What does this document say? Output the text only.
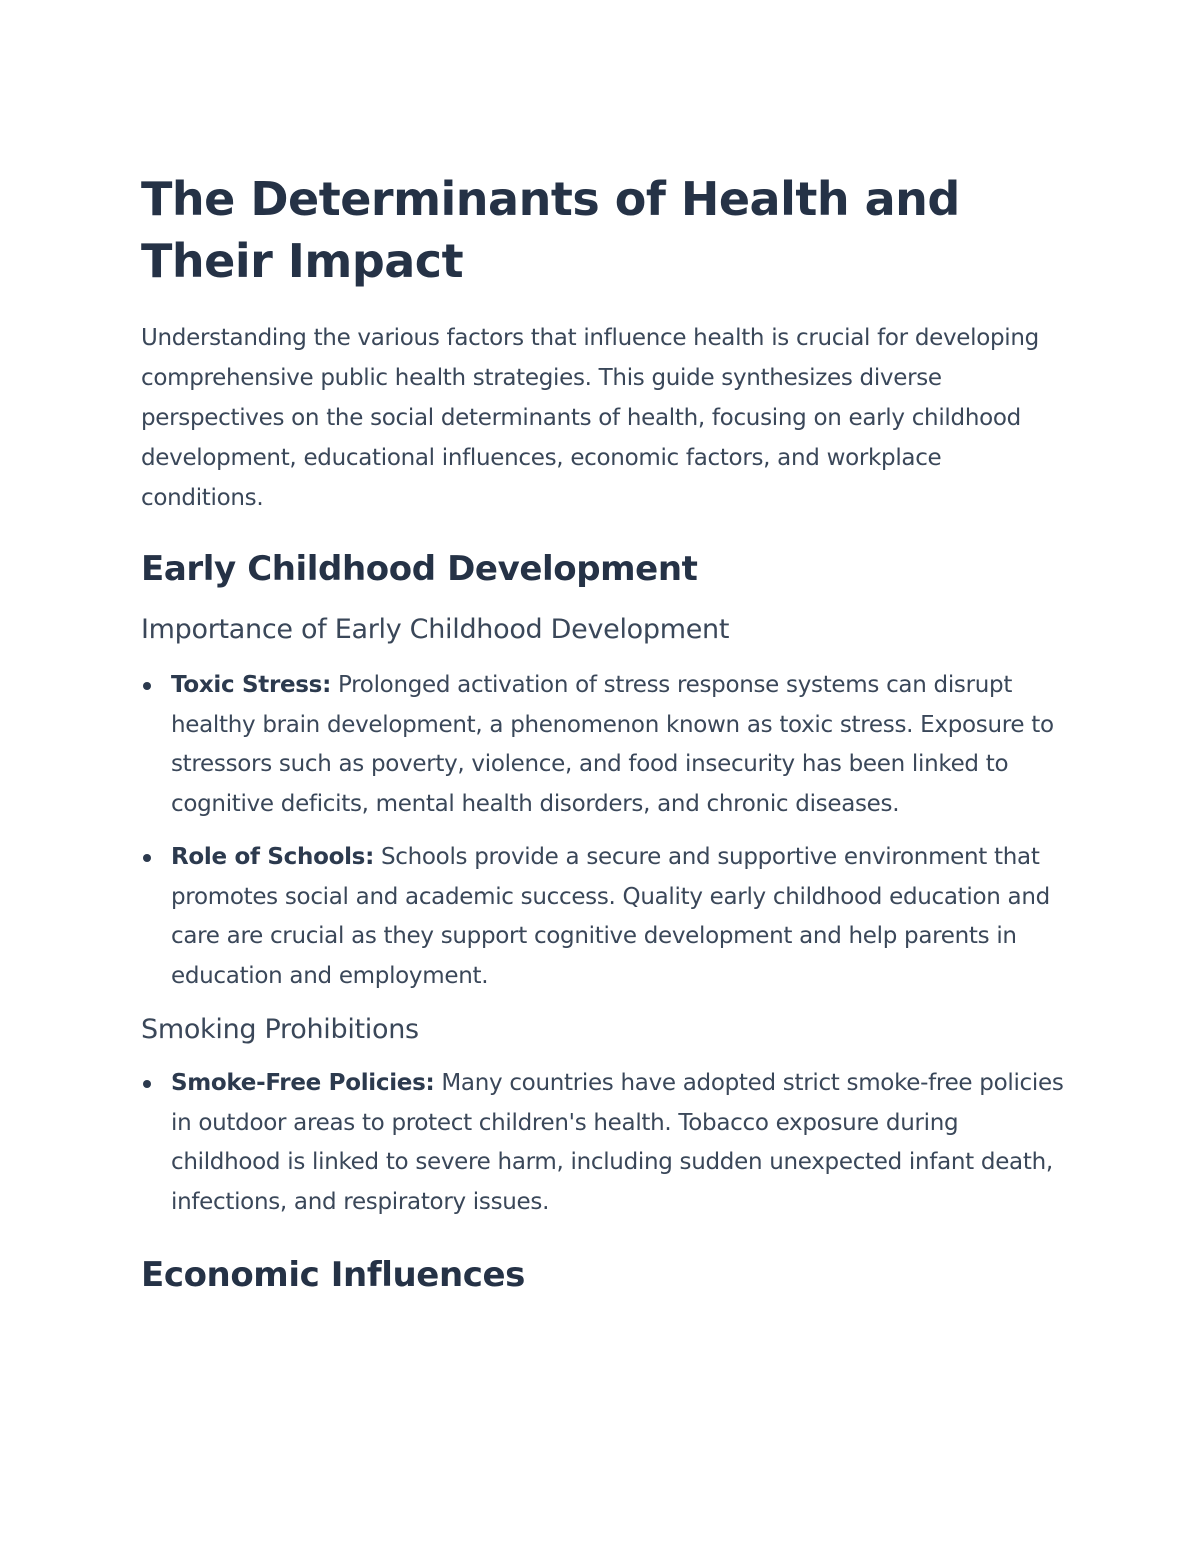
The Determinants of Health and Their Impact

Understanding the various factors that influence health is crucial for developing comprehensive public health strategies. This guide synthesizes diverse perspectives on the social determinants of health, focusing on early childhood development, educational influences, economic factors, and workplace conditions.

Early Childhood Development
Importance of Early Childhood Development
Toxic Stress: Prolonged activation of stress response systems can disrupt healthy brain development, a phenomenon known as toxic stress. Exposure to stressors such as poverty, violence, and food insecurity has been linked to cognitive deficits, mental health disorders, and chronic diseases.
Role of Schools: Schools provide a secure and supportive environment that promotes social and academic success. Quality early childhood education and care are crucial as they support cognitive development and help parents in education and employment.
Smoking Prohibitions
Smoke-Free Policies: Many countries have adopted strict smoke-free policies in outdoor areas to protect children's health. Tobacco exposure during childhood is linked to severe harm, including sudden unexpected infant death, infections, and respiratory issues.
Economic Influences
